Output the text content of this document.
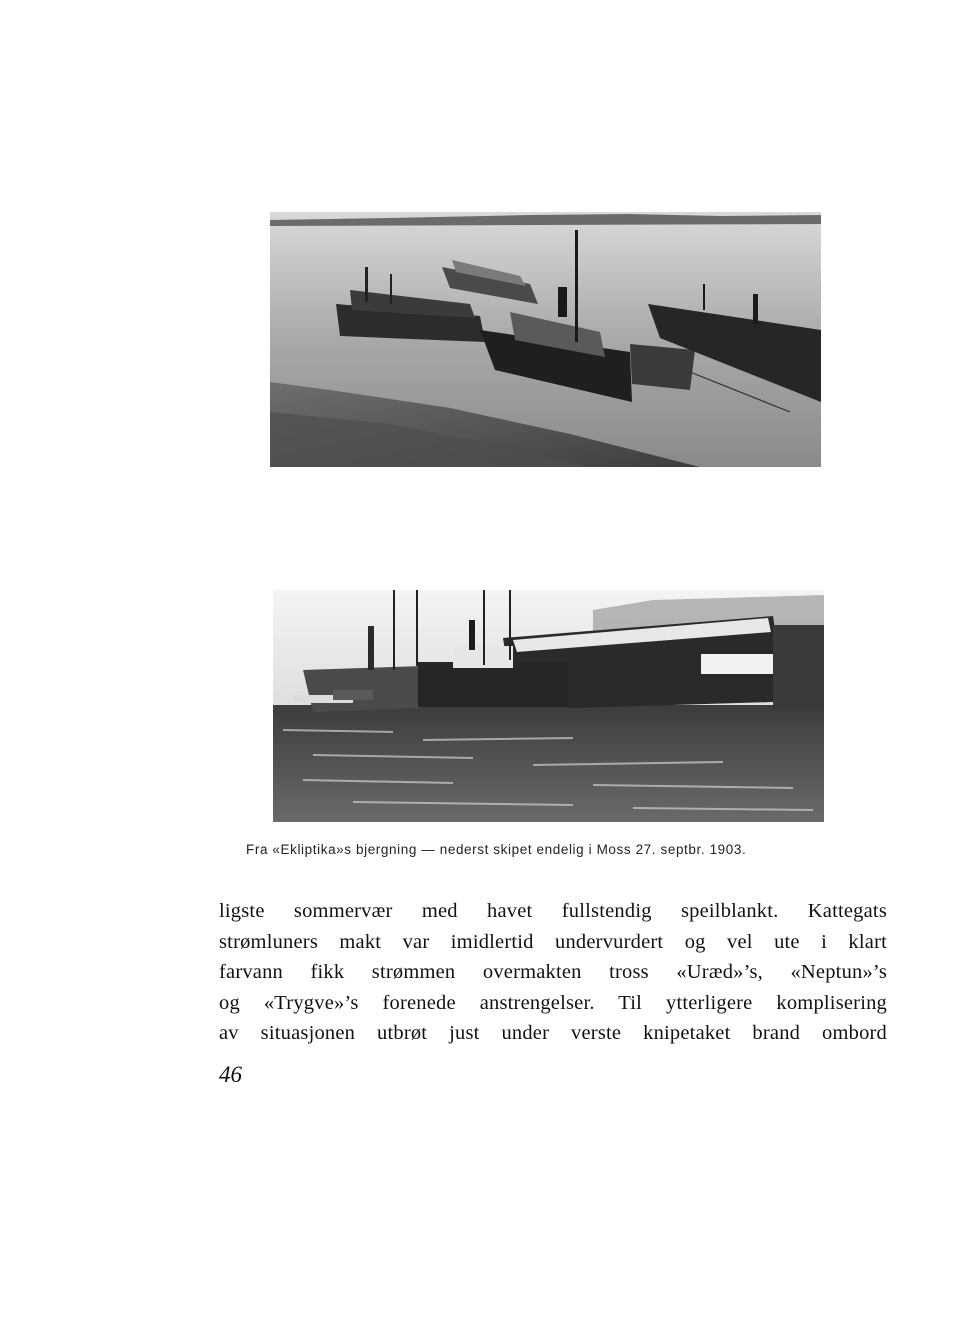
Fra «Ekliptika»s bjergning — nederst skipet endelig i Moss 27. septbr. 1903.
ligste sommervær med havet fullstendig speilblankt. Kattegats
strømluners makt var imidlertid undervurdert og vel ute i klart
farvann fikk strømmen overmakten tross «Uræd»’s, «Neptun»’s
og «Trygve»’s forenede anstrengelser. Til ytterligere komplisering
av situasjonen utbrøt just under verste knipetaket brand ombord
46
